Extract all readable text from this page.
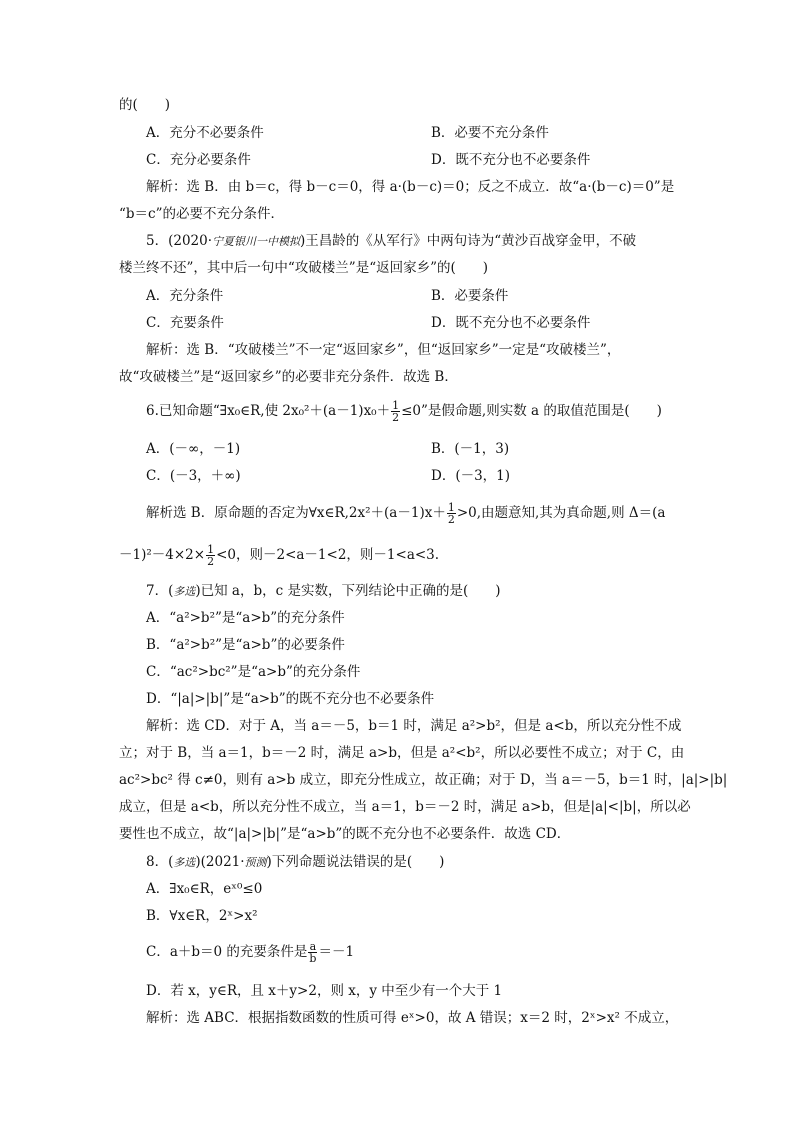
的(　　)
A．充分不必要条件	B．必要不充分条件
C．充分必要条件	D．既不充分也不必要条件
解析：选 B．由 b＝c，得 b－c＝0，得 a·(b－c)＝0；反之不成立．故“a·(b－c)＝0”是
“b＝c”的必要不充分条件．
5．(2020·宁夏银川一中模拟)王昌龄的《从军行》中两句诗为“黄沙百战穿金甲，不破
楼兰终不还”，其中后一句中“攻破楼兰”是“返回家乡”的(　　)
A．充分条件	B．必要条件
C．充要条件	D．既不充分也不必要条件
解析：选 B．“攻破楼兰”不一定“返回家乡”，但“返回家乡”一定是“攻破楼兰”，
故“攻破楼兰”是“返回家乡”的必要非充分条件．故选 B．
6.已知命题“∃x₀∈R,使 $2x_0^2+(a-1)x_0+ \frac{1}{2} \le 0$”是假命题,则实数 a 的取值范围是(　　)
A．(－∞，－1)	B．(－1，3)
C．(－3，＋∞)	D．(－3，1)
解析选 B．原命题的否定为∀x∈R,2x²＋(a－1)x＋ $\frac{1}{2} >0$,由题意知,其为真命题,则 Δ＝(a
$-1)^2-4\times 2\times \frac{1}{2} <0$，则－2<a－1<2，则－1<a<3.
7．(多选)已知 a，b，c 是实数，下列结论中正确的是(　　)
A．“a²>b²”是“a>b”的充分条件
B．“a²>b²”是“a>b”的必要条件
C．“ac²>bc²”是“a>b”的充分条件
D．“|a|>|b|”是“a>b”的既不充分也不必要条件
解析：选 CD．对于 A，当 a＝－5，b＝1 时，满足 a²>b²，但是 a<b，所以充分性不成
立；对于 B，当 a＝1，b＝－2 时，满足 a>b，但是 a²<b²，所以必要性不成立；对于 C，由
ac²>bc² 得 c≠0，则有 a>b 成立，即充分性成立，故正确；对于 D，当 a＝－5，b＝1 时，|a|>|b|
成立，但是 a<b，所以充分性不成立，当 a＝1，b＝－2 时，满足 a>b，但是|a|<|b|，所以必
要性也不成立，故“|a|>|b|”是“a>b”的既不充分也不必要条件．故选 CD．
8．(多选)(2021·预测)下列命题说法错误的是(　　)
A．∃x₀∈R，eˣ⁰≤0
B．∀x∈R，2ˣ>x²
C．a＋b＝0 的充要条件是 $\frac{a}{b} =-1$
D．若 x，y∈R，且 x＋y>2，则 x，y 中至少有一个大于 1
解析：选 ABC．根据指数函数的性质可得 eˣ>0，故 A 错误；x＝2 时，2ˣ>x² 不成立，
